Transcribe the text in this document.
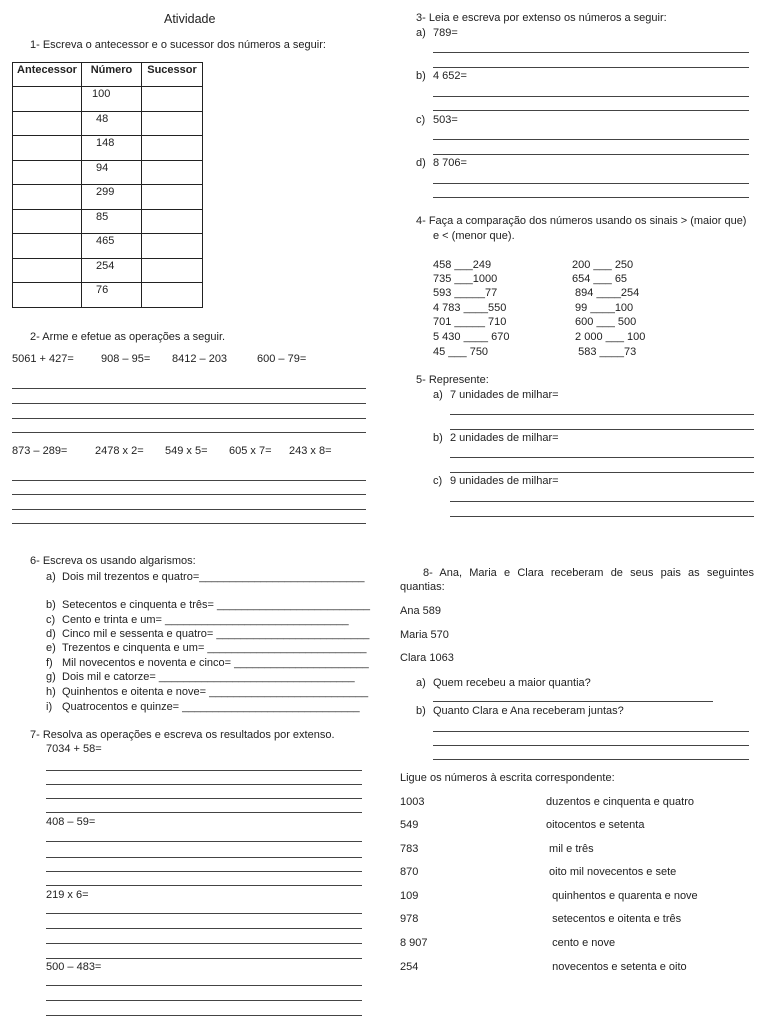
Atividade
1- Escreva o antecessor e o sucessor dos números a seguir:
Antecessor	Número	Sucessor
	100	
	48	
	148	
	94	
	299	
	85	
	465	
	254	
	76	
2- Arme e efetue as operações a seguir.
5061 + 427= 908 – 95= 8412 – 203	600 – 79=
873 – 289=	2478 x 2= 549 x 5= 605 x 7= 243 x 8=
6- Escreva os usando algarismos:
a) Dois mil trezentos e quatro=___________________________
b) Setecentos e cinquenta e três= _________________________
c) Cento e trinta e um= ______________________________
d) Cinco mil e sessenta e quatro= _________________________
e) Trezentos e cinquenta e um= __________________________
f) Mil novecentos e noventa e cinco= ______________________
g) Dois mil e catorze= ________________________________
h) Quinhentos e oitenta e nove= __________________________
i) Quatrocentos e quinze= _____________________________
7- Resolva as operações e escreva os resultados por extenso.
7034 + 58=
408 – 59=
219 x 6=
500 – 483=
3- Leia e escreva por extenso os números a seguir:
a) 789=
b) 4 652=
c) 503=
d) 8 706=
4- Faça a comparação dos números usando os sinais > (maior que)
e < (menor que).
458 ___249	200 ___ 250
735 ___1000	654 ___ 65
593 _____77	894 ____254
4 783 ____550	99 ____100
701 _____ 710	600 ___ 500
5 430 ____ 670	2 000 ___ 100
45 ___ 750	583 ____73
5- Represente:
a) 7 unidades de milhar=
b) 2 unidades de milhar=
c) 9 unidades de milhar=
Ana 589
Maria 570
Clara 1063
a) Quem recebeu a maior quantia?
b) Quanto Clara e Ana receberam juntas?
Ligue os números à escrita correspondente:
1003	duzentos e cinquenta e quatro
549	oitocentos e setenta
783	mil e três
870	oito mil novecentos e sete
109	quinhentos e quarenta e nove
978	setecentos e oitenta e três
8 907	cento e nove
254	novecentos e setenta e oito
8- Ana, Maria e Clara receberam de seus pais as seguintes quantias:
